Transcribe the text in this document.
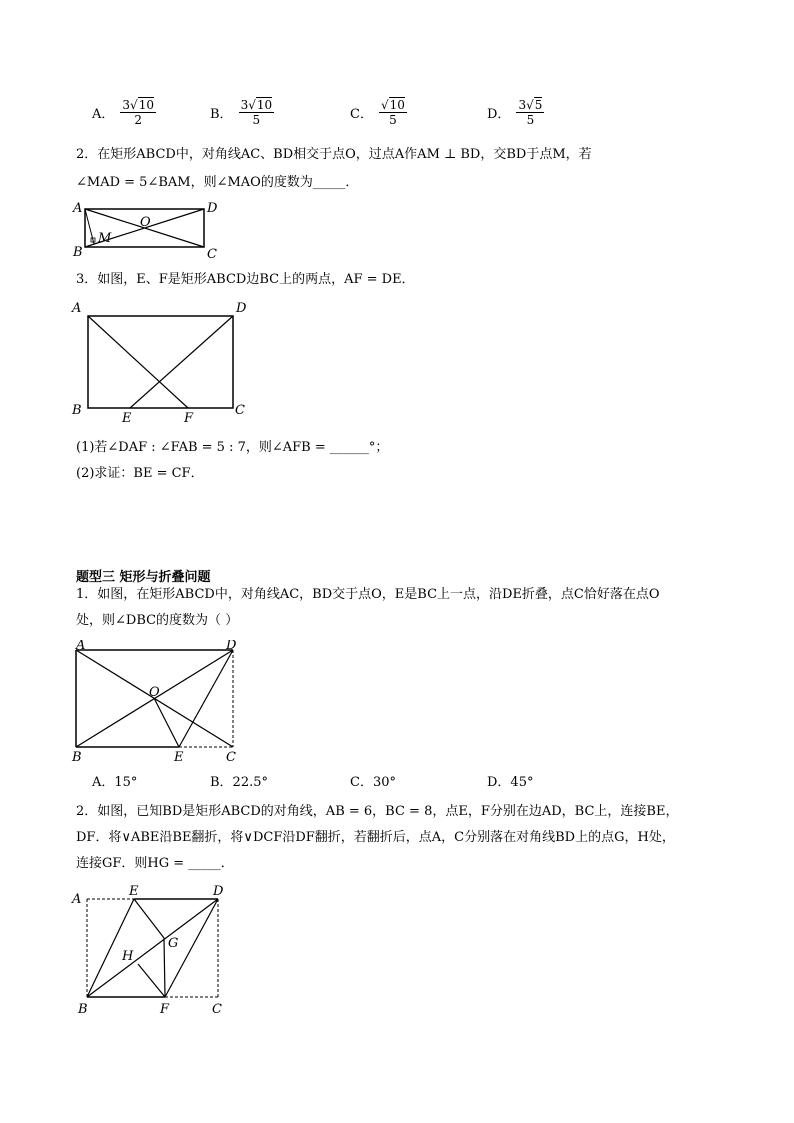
A． $\frac{3√10}{2}$	B． $\frac{3√10}{5}$	C． $\frac{√10}{5}$	D． $\frac{3√5}{5}$
2．在矩形ABCD中，对角线AC、BD相交于点O，过点A作AM ⊥ BD，交BD于点M，若
∠MAD = 5∠BAM，则∠MAO的度数为_____．
A
B
D
C
O
M
3．如图，E、F是矩形ABCD边BC上的两点，AF = DE．
A	D
B	C
E	F
(1)若∠DAF : ∠FAB = 5 : 7，则∠AFB = ______°；
(2)求证：BE = CF．
题型三 矩形与折叠问题
1．如图，在矩形ABCD中，对角线AC，BD交于点O，E是BC上一点，沿DE折叠，点C恰好落在点O
处，则∠DBC的度数为（ ）
A	D
O
B	E	C
A．15°	B．22.5°	C．30°	D．45°
2．如图，已知BD是矩形ABCD的对角线，AB = 6，BC = 8，点E，F分别在边AD，BC上，连接BE，
DF．将∨ABE沿BE翻折，将∨DCF沿DF翻折，若翻折后，点A，C分别落在对角线BD上的点G，H处，
连接GF．则HG = _____．
A
E	D
G
H
B	F	C
